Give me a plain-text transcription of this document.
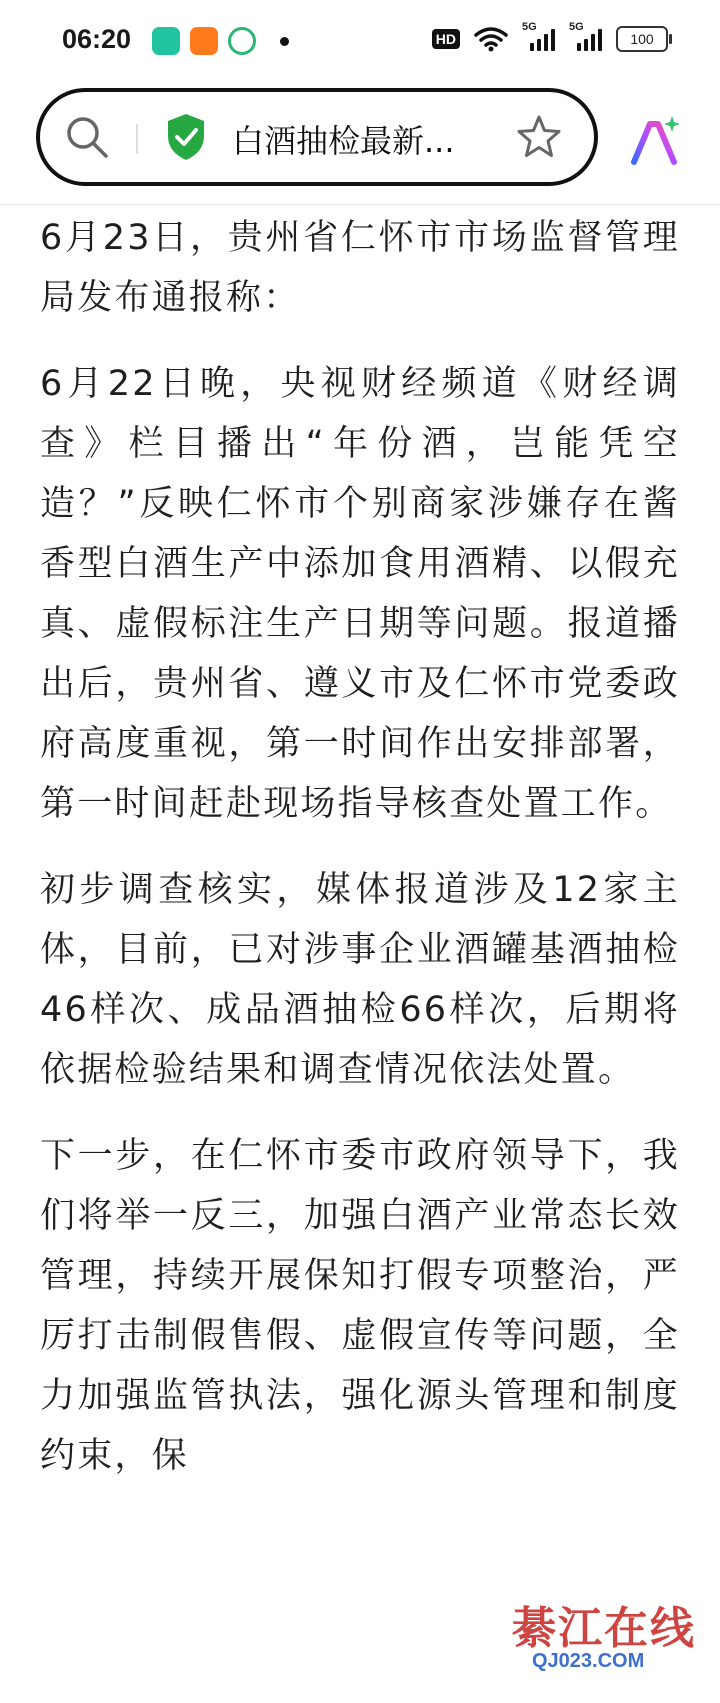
06:20	HD
5G	5G
100
白酒抽检最新...

6月23日，贵州省仁怀市市场监督管理局发布通报称：

6月22日晚，央视财经频道《财经调查》栏目播出“年份酒，岂能凭空造？”反映仁怀市个别商家涉嫌存在酱香型白酒生产中添加食用酒精、以假充真、虚假标注生产日期等问题。报道播出后，贵州省、遵义市及仁怀市党委政府高度重视，第一时间作出安排部署，第一时间赶赴现场指导核查处置工作。

初步调查核实，媒体报道涉及12家主体，目前，已对涉事企业酒罐基酒抽检46样次、成品酒抽检66样次，后期将依据检验结果和调查情况依法处置。

下一步，在仁怀市委市政府领导下，我们将举一反三，加强白酒产业常态长效管理，持续开展保知打假专项整治，严厉打击制假售假、虚假宣传等问题，全力加强监管执法，强化源头管理和制度约束，保

綦江在线
QJ023.COM
